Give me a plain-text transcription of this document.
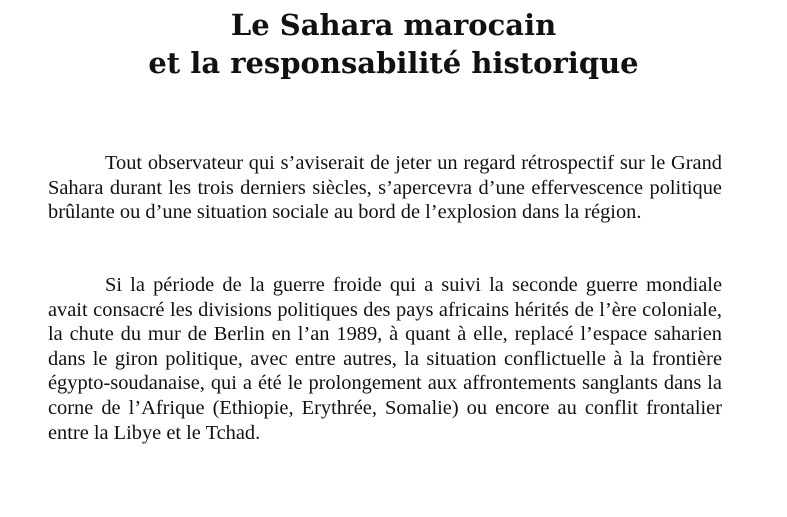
Le Sahara marocain
et la responsabilité historique

Tout observateur qui s’aviserait de jeter un regard rétrospectif sur le Grand Sahara durant les trois derniers siècles, s’apercevra d’une effervescence politique brûlante ou d’une situation sociale au bord de l’explosion dans la région.

Si la période de la guerre froide qui a suivi la seconde guerre mondiale avait consacré les divisions politiques des pays africains hérités de l’ère coloniale, la chute du mur de Berlin en l’an 1989, à quant à elle, replacé l’espace saharien dans le giron politique, avec entre autres, la situation conflictuelle à la frontière égypto-soudanaise, qui a été le prolongement aux affrontements sanglants dans la corne de l’Afrique (Ethiopie, Erythrée, Somalie) ou encore au conflit frontalier entre la Libye et le Tchad.
